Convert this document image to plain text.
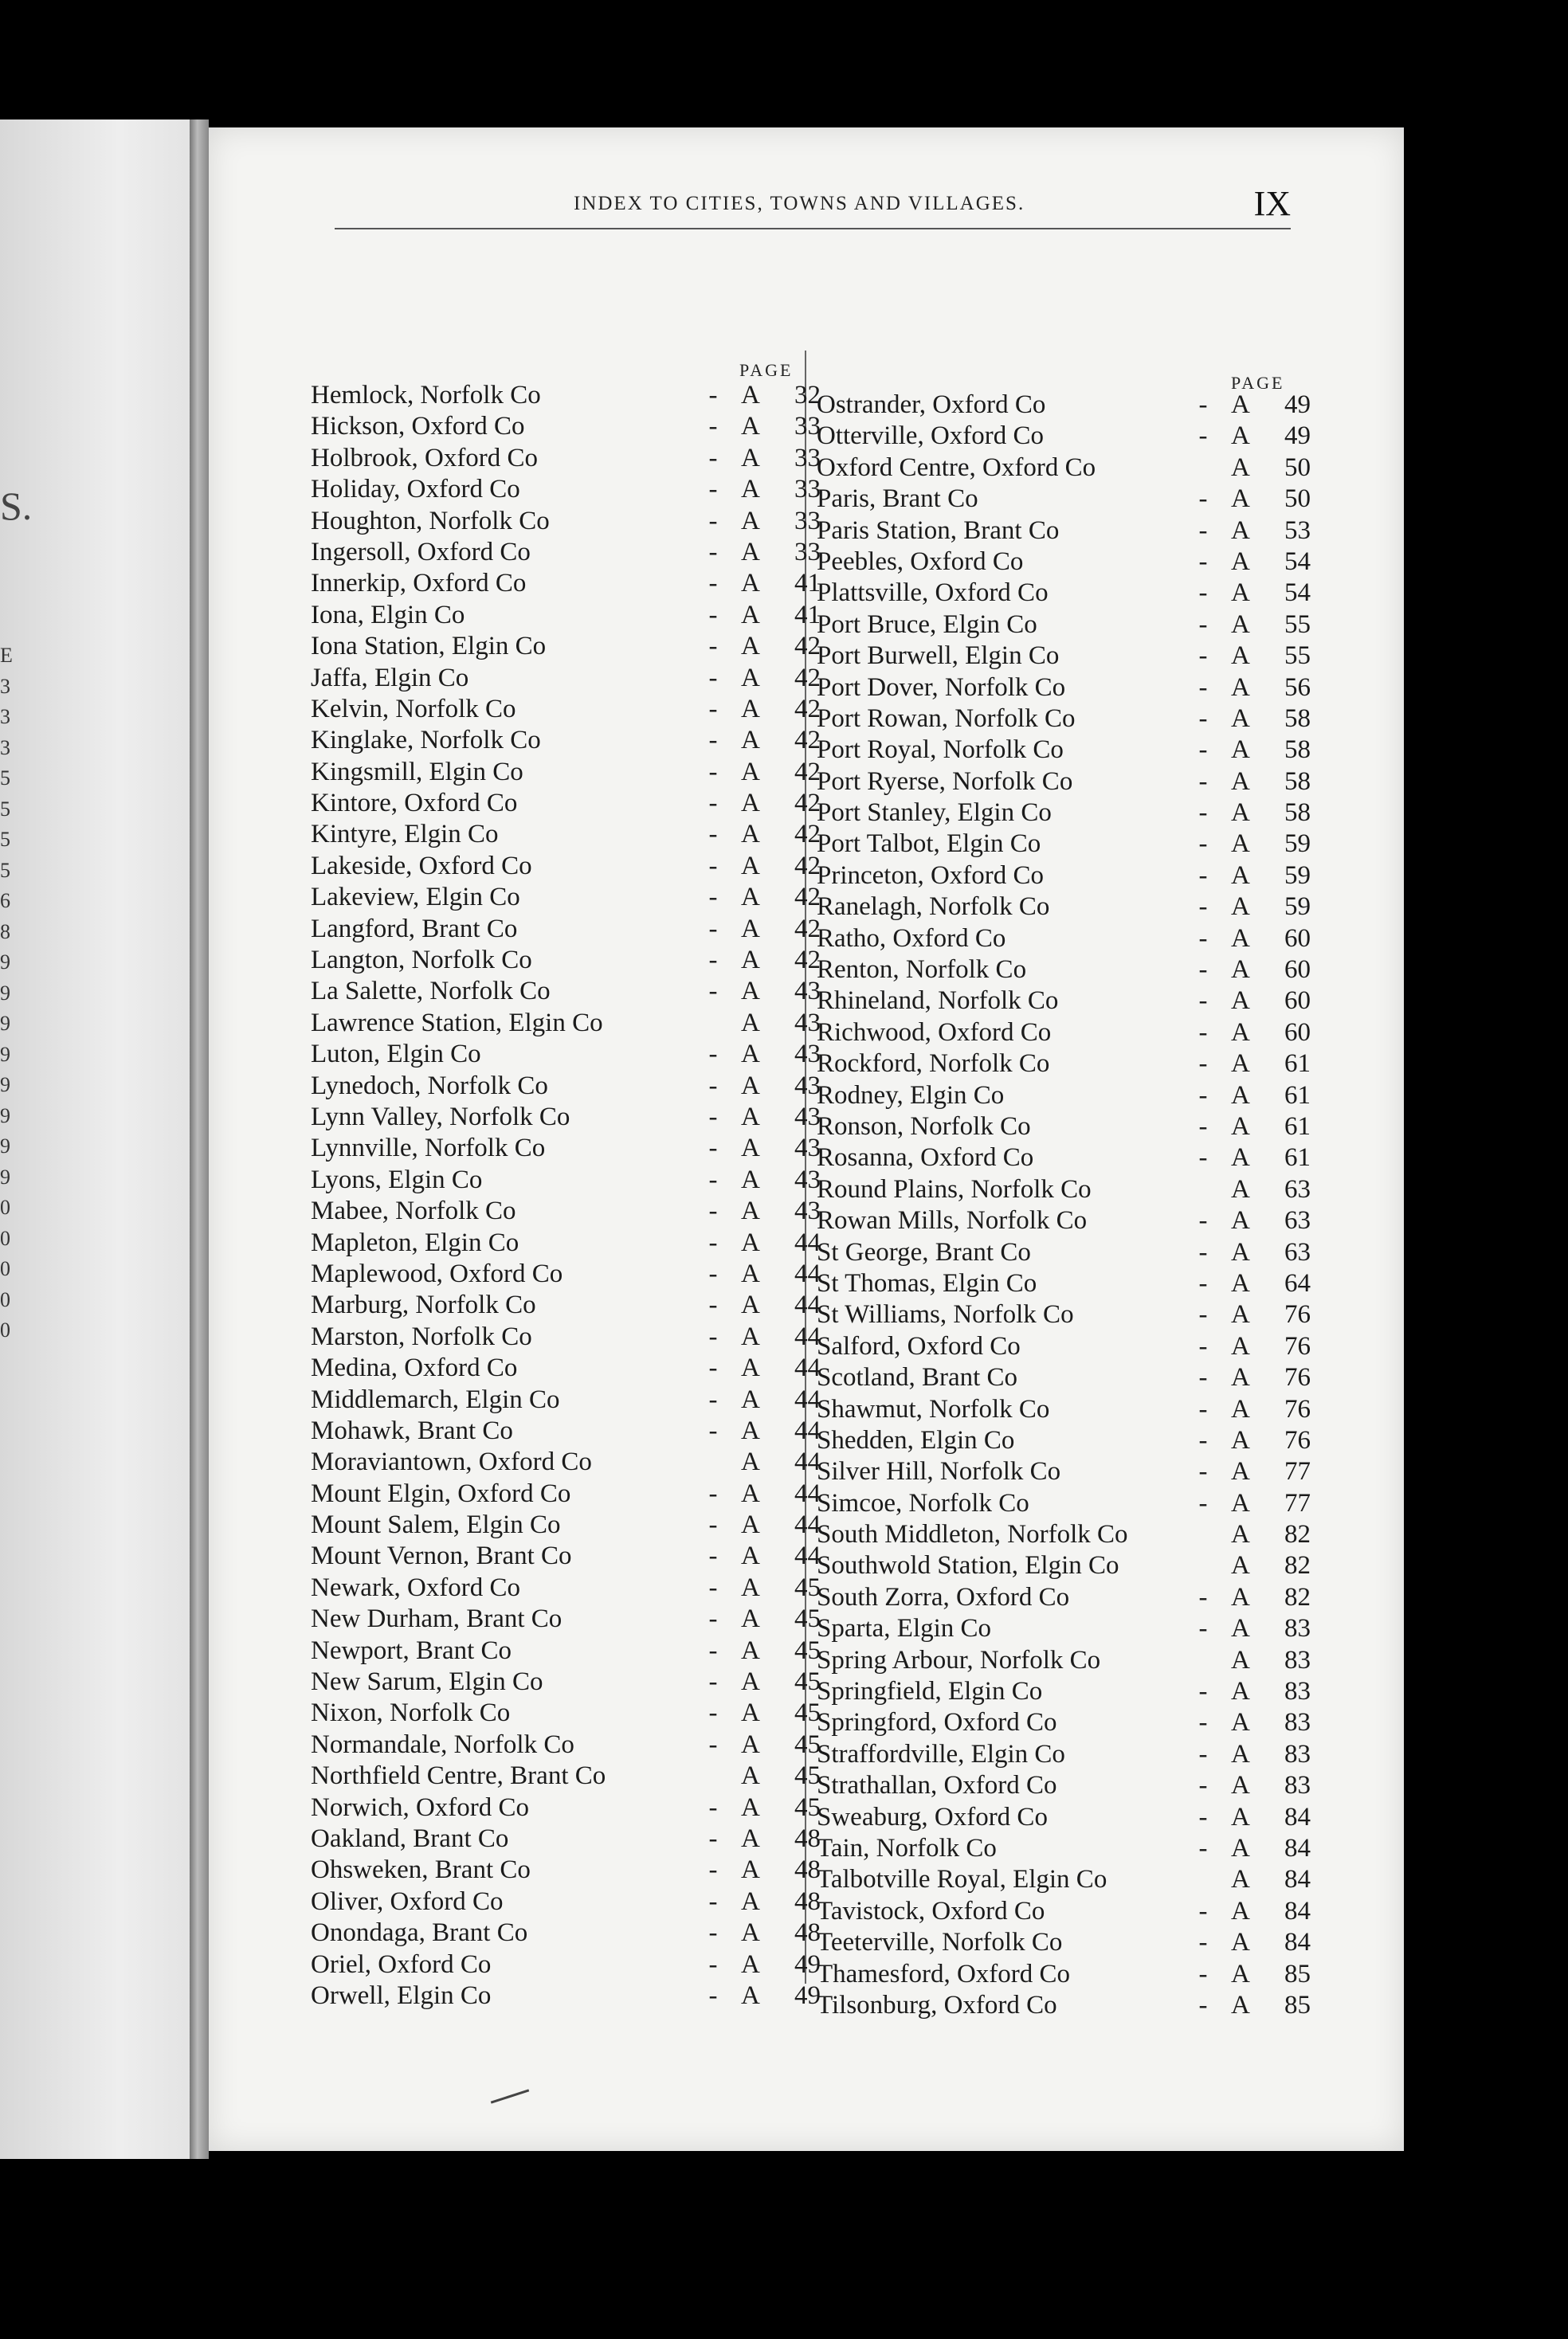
S.
E
3
3
3
5
5
5
5
6
8
9
9
9
9
9
9
9
9
0
0
0
0
0
INDEX TO CITIES, TOWNS AND VILLAGES.	IX
PAGE
PAGE
Hemlock, Norfolk Co	- A	32
Hickson, Oxford Co	- A	33
Holbrook, Oxford Co	- A	33
Holiday, Oxford Co	- A	33
Houghton, Norfolk Co	- A	33
Ingersoll, Oxford Co	- A	33
Innerkip, Oxford Co	- A	41
Iona, Elgin Co	- A	41
Iona Station, Elgin Co	- A	42
Jaffa, Elgin Co	- A	42
Kelvin, Norfolk Co	- A	42
Kinglake, Norfolk Co	- A	42
Kingsmill, Elgin Co	- A	42
Kintore, Oxford Co	- A	42
Kintyre, Elgin Co	- A	42
Lakeside, Oxford Co	- A	42
Lakeview, Elgin Co	- A	42
Langford, Brant Co	- A	42
Langton, Norfolk Co	- A	42
La Salette, Norfolk Co	- A	43
Lawrence Station, Elgin Co	A	43
Luton, Elgin Co	- A	43
Lynedoch, Norfolk Co	- A	43
Lynn Valley, Norfolk Co	- A	43
Lynnville, Norfolk Co	- A	43
Lyons, Elgin Co	- A	43
Mabee, Norfolk Co	- A	43
Mapleton, Elgin Co	- A	44
Maplewood, Oxford Co	- A	44
Marburg, Norfolk Co	- A	44
Marston, Norfolk Co	- A	44
Medina, Oxford Co	- A	44
Middlemarch, Elgin Co	- A	44
Mohawk, Brant Co	- A	44
Moraviantown, Oxford Co	A	44
Mount Elgin, Oxford Co	- A	44
Mount Salem, Elgin Co	- A	44
Mount Vernon, Brant Co	- A	44
Newark, Oxford Co	- A	45
New Durham, Brant Co	- A	45
Newport, Brant Co	- A	45
New Sarum, Elgin Co	- A	45
Nixon, Norfolk Co	- A	45
Normandale, Norfolk Co	- A	45
Northfield Centre, Brant Co	A	45
Norwich, Oxford Co	- A	45
Oakland, Brant Co	- A	48
Ohsweken, Brant Co	- A	48
Oliver, Oxford Co	- A	48
Onondaga, Brant Co	- A	48
Oriel, Oxford Co	- A	49
Orwell, Elgin Co	- A	49
Ostrander, Oxford Co	- A	49
Otterville, Oxford Co	- A	49
Oxford Centre, Oxford Co	A	50
Paris, Brant Co	- A	50
Paris Station, Brant Co	- A	53
Peebles, Oxford Co	- A	54
Plattsville, Oxford Co	- A	54
Port Bruce, Elgin Co	- A	55
Port Burwell, Elgin Co	- A	55
Port Dover, Norfolk Co	- A	56
Port Rowan, Norfolk Co	- A	58
Port Royal, Norfolk Co	- A	58
Port Ryerse, Norfolk Co	- A	58
Port Stanley, Elgin Co	- A	58
Port Talbot, Elgin Co	- A	59
Princeton, Oxford Co	- A	59
Ranelagh, Norfolk Co	- A	59
Ratho, Oxford Co	- A	60
Renton, Norfolk Co	- A	60
Rhineland, Norfolk Co	- A	60
Richwood, Oxford Co	- A	60
Rockford, Norfolk Co	- A	61
Rodney, Elgin Co	- A	61
Ronson, Norfolk Co	- A	61
Rosanna, Oxford Co	- A	61
Round Plains, Norfolk Co	A	63
Rowan Mills, Norfolk Co	- A	63
St George, Brant Co	- A	63
St Thomas, Elgin Co	- A	64
St Williams, Norfolk Co	- A	76
Salford, Oxford Co	- A	76
Scotland, Brant Co	- A	76
Shawmut, Norfolk Co	- A	76
Shedden, Elgin Co	- A	76
Silver Hill, Norfolk Co	- A	77
Simcoe, Norfolk Co	- A	77
South Middleton, Norfolk Co	A	82
Southwold Station, Elgin Co	A	82
South Zorra, Oxford Co	- A	82
Sparta, Elgin Co	- A	83
Spring Arbour, Norfolk Co	A	83
Springfield, Elgin Co	- A	83
Springford, Oxford Co	- A	83
Straffordville, Elgin Co	- A	83
Strathallan, Oxford Co	- A	83
Sweaburg, Oxford Co	- A	84
Tain, Norfolk Co	- A	84
Talbotville Royal, Elgin Co	A	84
Tavistock, Oxford Co	- A	84
Teeterville, Norfolk Co	- A	84
Thamesford, Oxford Co	- A	85
Tilsonburg, Oxford Co	- A	85
